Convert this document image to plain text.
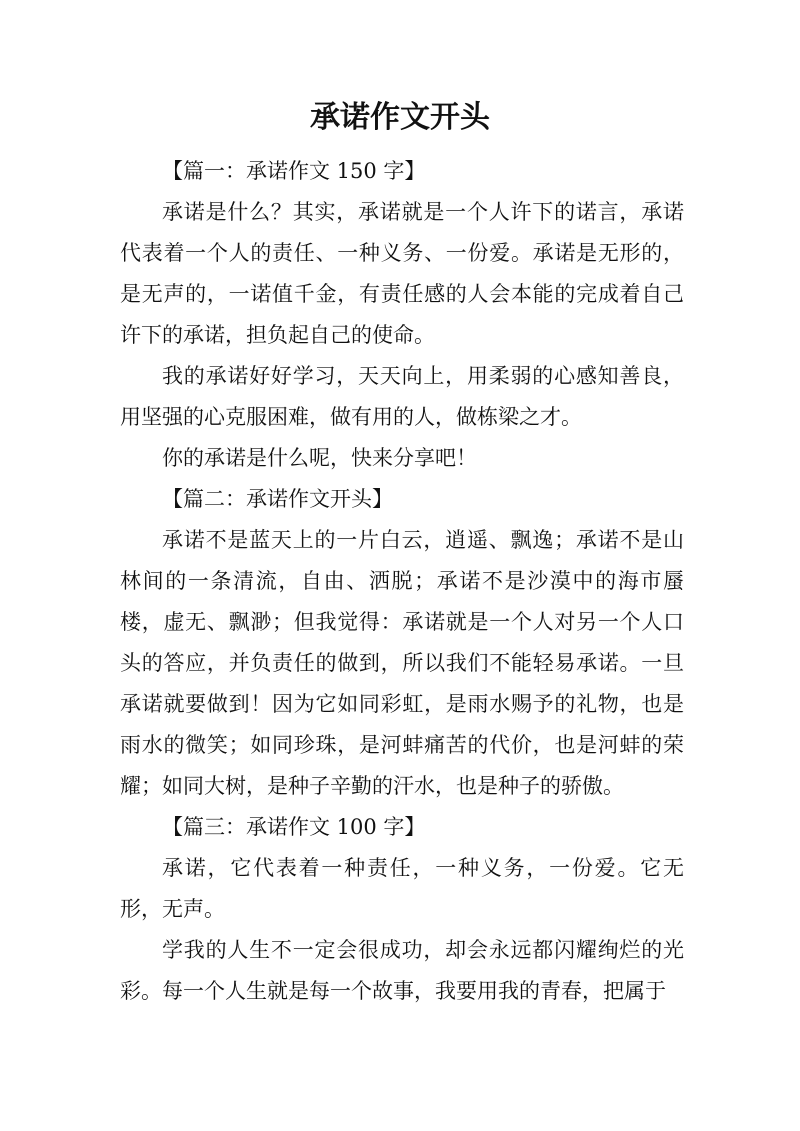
承诺作文开头

【篇一：承诺作文 150 字】

承诺是什么？其实，承诺就是一个人许下的诺言，承诺代表着一个人的责任、一种义务、一份爱。承诺是无形的，是无声的，一诺值千金，有责任感的人会本能的完成着自己许下的承诺，担负起自己的使命。

我的承诺好好学习，天天向上，用柔弱的心感知善良，用坚强的心克服困难，做有用的人，做栋梁之才。

你的承诺是什么呢，快来分享吧！

【篇二：承诺作文开头】

承诺不是蓝天上的一片白云，逍遥、飘逸；承诺不是山林间的一条清流，自由、洒脱；承诺不是沙漠中的海市蜃楼，虚无、飘渺；但我觉得：承诺就是一个人对另一个人口头的答应，并负责任的做到，所以我们不能轻易承诺。一旦承诺就要做到！因为它如同彩虹，是雨水赐予的礼物，也是雨水的微笑；如同珍珠，是河蚌痛苦的代价，也是河蚌的荣耀；如同大树，是种子辛勤的汗水，也是种子的骄傲。

【篇三：承诺作文 100 字】

承诺，它代表着一种责任，一种义务，一份爱。它无形，无声。

学我的人生不一定会很成功，却会永远都闪耀绚烂的光彩。每一个人生就是每一个故事，我要用我的青春，把属于
